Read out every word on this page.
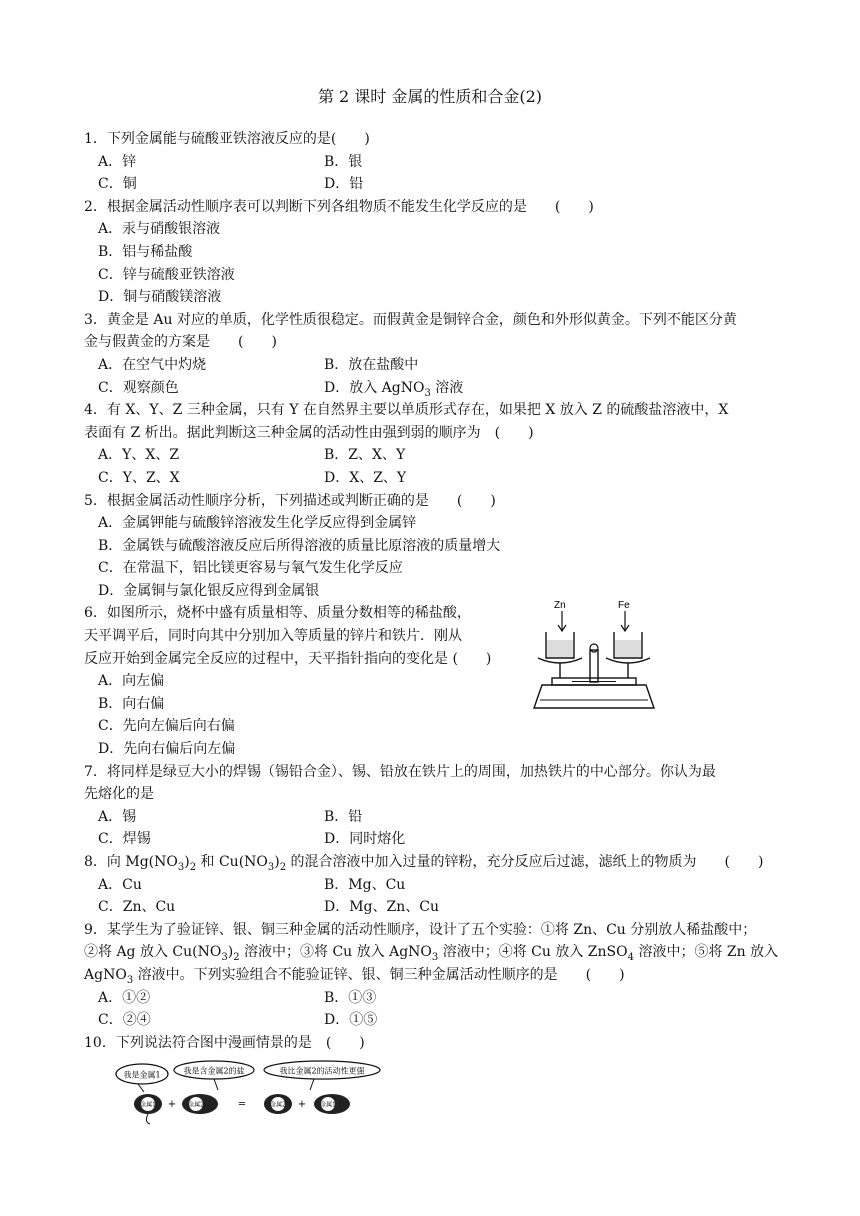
第 2 课时 金属的性质和合金(2)
1．下列金属能与硫酸亚铁溶液反应的是(　　)
A．锌	B．银
C．铜	D．铅
2．根据金属活动性顺序表可以判断下列各组物质不能发生化学反应的是　　(　　)
A．汞与硝酸银溶液
B．铝与稀盐酸
C．锌与硫酸亚铁溶液
D．铜与硝酸镁溶液
3．黄金是 Au 对应的单质，化学性质很稳定。而假黄金是铜锌合金，颜色和外形似黄金。下列不能区分黄
金与假黄金的方案是　　(　　)
A．在空气中灼烧	B．放在盐酸中
C．观察颜色	D．放入 AgNO$_3$ 溶液
4．有 X、Y、Z 三种金属，只有 Y 在自然界主要以单质形式存在，如果把 X 放入 Z 的硫酸盐溶液中，X
表面有 Z 析出。据此判断这三种金属的活动性由强到弱的顺序为　(　　)
A．Y、X、Z	B．Z、X、Y
C．Y、Z、X	D．X、Z、Y
5．根据金属活动性顺序分析，下列描述或判断正确的是　　(　　)
A．金属钾能与硫酸锌溶液发生化学反应得到金属锌
B．金属铁与硫酸溶液反应后所得溶液的质量比原溶液的质量增大
C．在常温下，铝比镁更容易与氧气发生化学反应
D．金属铜与氯化银反应得到金属银
6．如图所示，烧杯中盛有质量相等、质量分数相等的稀盐酸，
天平调平后，同时向其中分别加入等质量的锌片和铁片．刚从
反应开始到金属完全反应的过程中，天平指针指向的变化是 (　　)
A．向左偏
B．向右偏
C．先向左偏后向右偏
D．先向右偏后向左偏
Zn	Fe
7．将同样是绿豆大小的焊锡（锡铅合金）、锡、铅放在铁片上的周围，加热铁片的中心部分。你认为最
先熔化的是
A．锡	B．铅
C．焊锡	D．同时熔化
8．向 $Mg(NO_3)_2$ 和 $Cu(NO_3)_2$ 的混合溶液中加入过量的锌粉，充分反应后过滤，滤纸上的物质为　　(　　)
A．Cu	B．Mg、Cu
C．Zn、Cu	D．Mg、Zn、Cu
9．某学生为了验证锌、银、铜三种金属的活动性顺序，设计了五个实验：①将 Zn、Cu 分别放人稀盐酸中；
②将 Ag 放入 $Cu(NO_3)_2$ 溶液中；③将 Cu 放入 AgNO$_3$ 溶液中；④将 Cu 放入 ZnSO$_4$ 溶液中；⑤将 Zn 放入
AgNO$_3$ 溶液中。下列实验组合不能验证锌、银、铜三种金属活动性顺序的是　　(　　)
A．①②	B．①③
C．②④	D．①⑤
10．下列说法符合图中漫画情景的是　(　　)
我是金属1	我是含金属2的盐	我比金属2的活动性更强
金属1 + 金属2	=	金属2 + 金属1
